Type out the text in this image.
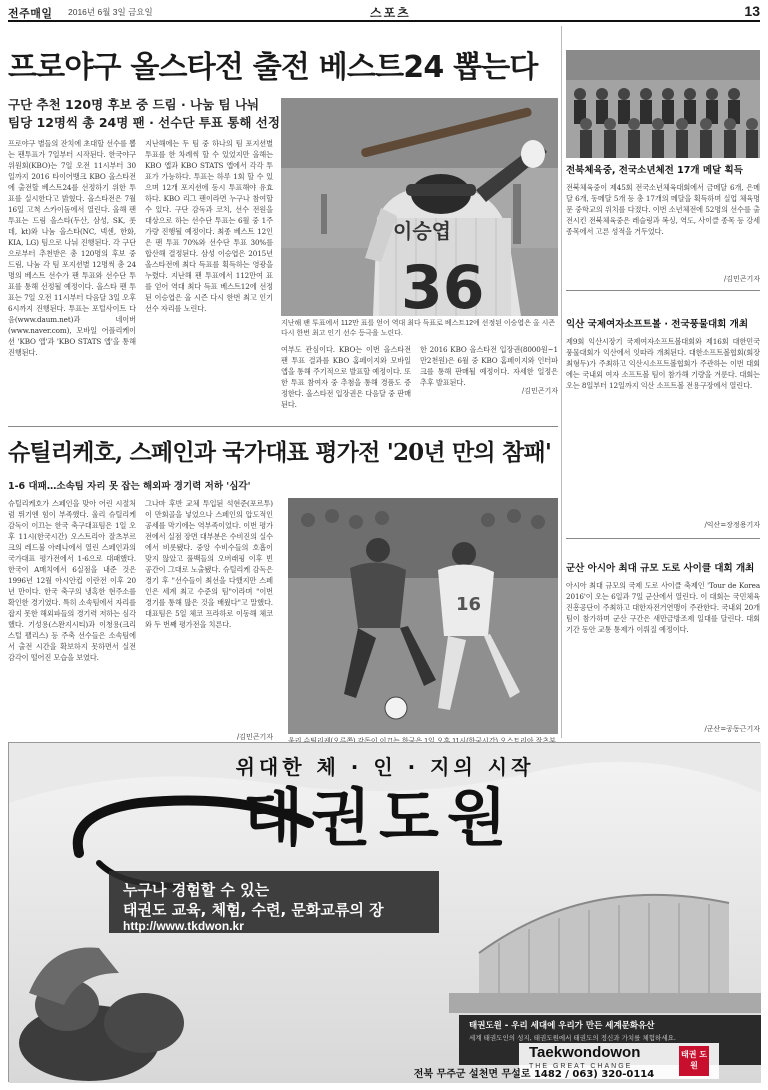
전주매일 2016년 6월 3일 금요일	스포츠	13
프로야구 올스타전 출전 베스트24 뽑는다
구단 추천 120명 후보 중 드림 · 나눔 팀 나눠
팀당 12명씩 총 24명 팬 · 선수단 투표 통해 선정
프로야구 별들의 잔치에 초대할 선수를 뽑는 팬투표가 7일부터 시작된다. 한국야구위원회(KBO)는 7일 오전 11시부터 30일까지 2016 타이어뱅크 KBO 올스타전에 출전할 베스트24를 선정하기 위한 투표를 실시한다고 밝혔다. 올스타전은 7월 16일 고척 스카이돔에서 열린다. 올해 팬투표는 드림 올스타(두산, 삼성, SK, 롯데, kt)와 나눔 올스타(NC, 넥센, 한화, KIA, LG) 팀으로 나눠 진행된다. 각 구단으로부터 추천받은 총 120명의 후보 중 드림, 나눔 각 팀 포지션별 12명씩 총 24명의 베스트 선수가 팬 투표와 선수단 투표를 통해 선정될 예정이다. 올스타 팬 투표는 7일 오전 11시부터 다음달 3일 오후 6시까지 진행된다. 투표는 포털사이트 다음(www.daum.net)과 네이버(www.naver.com), 모바일 어플리케이션 'KBO 앱'과 'KBO STATS 앱'을 통해 진행된다.
지난해에는 두 팀 중 하나의 팀 포지션별 투표를 한 차례씩 할 수 있었지만 올해는 KBO 앱과 KBO STATS 앱에서 각각 투표가 가능하다. 투표는 하루 1회 할 수 있으며 12개 포지션에 동시 투표해야 유효하다. KBO 리그 팬이라면 누구나 참여할 수 있다. 구단 감독과 코치, 선수 전원을 대상으로 하는 선수단 투표는 6월 중 1주 가량 진행될 예정이다. 최종 베스트 12인은 팬 투표 70%와 선수단 투표 30%를 합산해 결정된다. 삼성 이승엽은 2015년 올스타전에 최다 득표를 획득하는 영광을 누렸다. 지난해 팬 투표에서 112만여 표를 얻어 역대 최다 득표 베스트12에 선정된 이승엽은 올 시즌 다시 한번 최고 인기 선수 자리를 노린다.
이승엽
36
지난해 팬 투표에서 112만 표를 얻어 역대 최다 득표로 베스트12에 선정된 이승엽은 올 시즌 다시 한번 최고 인기 선수 등극을 노린다.
여부도 관심이다. KBO는 이번 올스타전 팬 투표 결과를 KBO 홈페이지와 모바일 앱을 통해 주기적으로 발표할 예정이다. 또한 투표 참여자 중 추첨을 통해 경품도 증정한다. 올스타전 입장권은 다음달 중 판매된다.
한 2016 KBO 올스타전 입장권(8000원~1만2천원)은 6월 중 KBO 홈페이지와 인터파크를 통해 판매될 예정이다. 자세한 일정은 추후 발표된다.
/김민곤기자
슈틸리케호, 스페인과 국가대표 평가전 '20년 만의 참패'
1-6 대패…소속팀 자리 못 잡는 해외파 경기력 저하 '심각'
슈틸리케호가 스페인을 맞아 어린 시절처럼 뛰기엔 힘이 부족했다. 울리 슈틸리케 감독이 이끄는 한국 축구대표팀은 1일 오후 11시(한국시간) 오스트리아 잘츠부르크의 레드불 아레나에서 열린 스페인과의 국가대표 평가전에서 1-6으로 대패했다. 한국이 A매치에서 6실점을 내준 것은 1996년 12월 아시안컵 이란전 이후 20년 만이다. 한국 축구의 냉혹한 현주소를 확인한 경기였다. 특히 소속팀에서 자리를 잡지 못한 해외파들의 경기력 저하는 심각했다. 기성용(스완지시티)과 이청용(크리스털 팰리스) 등 주축 선수들은 소속팀에서 출전 시간을 확보하지 못하면서 실전 감각이 떨어진 모습을 보였다.
그나마 후반 교체 투입된 석현준(포르투)이 만회골을 넣었으나 스페인의 압도적인 공세를 막기에는 역부족이었다. 이번 평가전에서 실점 장면 대부분은 수비진의 실수에서 비롯됐다. 중앙 수비수들의 호흡이 맞지 않았고 풀백들의 오버래핑 이후 빈 공간이 그대로 노출됐다. 슈틸리케 감독은 경기 후 "선수들이 최선을 다했지만 스페인은 세계 최고 수준의 팀"이라며 "이번 경기를 통해 많은 것을 배웠다"고 말했다. 대표팀은 5일 체코 프라하로 이동해 체코와 두 번째 평가전을 치른다.
/김민곤기자
16
전북체육중, 전국소년체전 17개 메달 획득
전북체육중이 제45회 전국소년체육대회에서 금메달 6개, 은메달 6개, 동메달 5개 등 총 17개의 메달을 획득하며 실업 체육명문 중학교의 위치를 다졌다. 이번 소년체전에 52명의 선수를 출전시킨 전북체육중은 레슬링과 복싱, 역도, 사이클 종목 등 강세 종목에서 고른 성적을 거두었다.
/김민곤기자
익산 국제여자소프트볼 · 전국풍물대회 개최
제9회 익산시장기 국제여자소프트볼대회와 제16회 대한민국 풍물대회가 익산에서 잇따라 개최된다. 대한소프트볼협회(회장 최형두)가 주최하고 익산시소프트볼협회가 주관하는 이번 대회에는 국내외 여자 소프트볼 팀이 참가해 기량을 겨룬다. 대회는 오는 8일부터 12일까지 익산 소프트볼 전용구장에서 열린다.
/익산=장정용기자
군산 아시아 최대 규모 도로 사이클 대회 개최
아시아 최대 규모의 국제 도로 사이클 축제인 'Tour de Korea 2016'이 오는 6일과 7일 군산에서 열린다. 이 대회는 국민체육진흥공단이 주최하고 대한자전거연맹이 주관한다. 국내외 20개 팀이 참가하며 군산 구간은 새만금방조제 일대를 달린다. 대회 기간 동안 교통 통제가 이뤄질 예정이다.
/군산=공동근기자
위대한 체 · 인 · 지의 시작
태권도원
누구나 경험할 수 있는
태권도 교육, 체험, 수련, 문화교류의 장
http://www.tkdwon.kr
태권도원 - 우리 세대에 우리가 만든 세계문화유산
세계 태권도인의 성지, 태권도원에서 태권도의 정신과 가치를 체험하세요.
Taekwondowon
THE GREAT CHANGE
태권 도원
전북 무주군 설천면 무설로 1482 / 063) 320-0114
